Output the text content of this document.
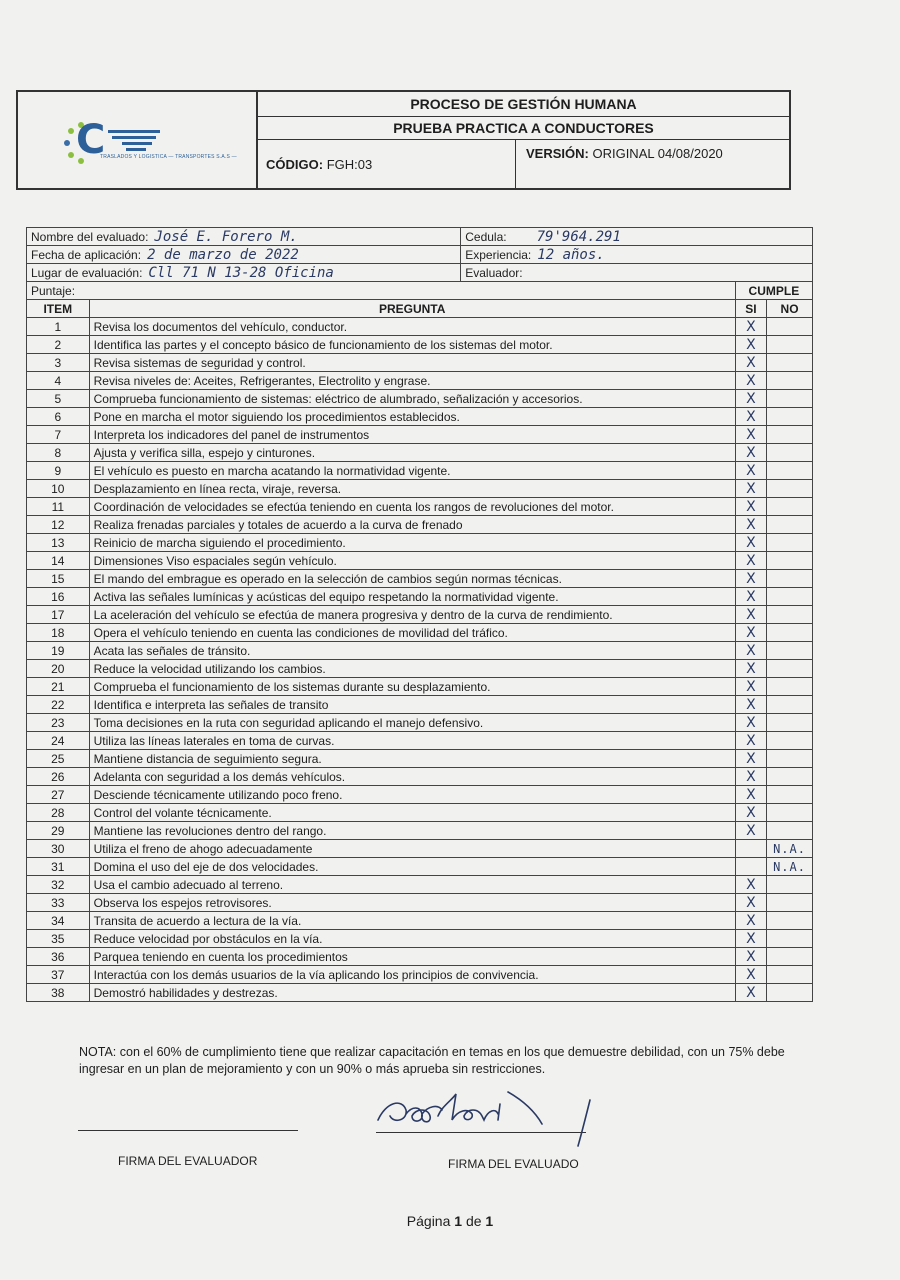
C
TRASLADOS Y LOGISTICA — TRANSPORTES S.A.S —
PROCESO DE GESTIÓN HUMANA
PRUEBA PRACTICA A CONDUCTORES
CÓDIGO:
FGH:03
VERSIÓN: ORIGINAL 04/08/2020
Nombre del evaluado: José E. Forero M.		Cedula: 79'964.291		
Fecha de aplicación: 2 de marzo de 2022		Experiencia: 12 años.		
Lugar de evaluación: Cll 71 N 13-28 Oficina		Evaluador:		
Puntaje:			CUMPLE	
ITEM	PREGUNTA		SI	NO
1	Revisa los documentos del vehículo, conductor.		X	
2	Identifica las partes y el concepto básico de funcionamiento de los sistemas del motor.		X	
3	Revisa sistemas de seguridad y control.		X	
4	Revisa niveles de: Aceites, Refrigerantes, Electrolito y engrase.		X	
5	Comprueba funcionamiento de sistemas: eléctrico de alumbrado, señalización y accesorios.		X	
6	Pone en marcha el motor siguiendo los procedimientos establecidos.		X	
7	Interpreta los indicadores del panel de instrumentos		X	
8	Ajusta y verifica silla, espejo y cinturones.		X	
9	El vehículo es puesto en marcha acatando la normatividad vigente.		X	
10	Desplazamiento en línea recta, viraje, reversa.		X	
11	Coordinación de velocidades se efectúa teniendo en cuenta los rangos de revoluciones del motor.		X	
12	Realiza frenadas parciales y totales de acuerdo a la curva de frenado		X	
13	Reinicio de marcha siguiendo el procedimiento.		X	
14	Dimensiones Viso espaciales según vehículo.		X	
15	El mando del embrague es operado en la selección de cambios según normas técnicas.		X	
16	Activa las señales lumínicas y acústicas del equipo respetando la normatividad vigente.		X	
17	La aceleración del vehículo se efectúa de manera progresiva y dentro de la curva de rendimiento.		X	
18	Opera el vehículo teniendo en cuenta las condiciones de movilidad del tráfico.		X	
19	Acata las señales de tránsito.		X	
20	Reduce la velocidad utilizando los cambios.		X	
21	Comprueba el funcionamiento de los sistemas durante su desplazamiento.		X	
22	Identifica e interpreta las señales de transito		X	
23	Toma decisiones en la ruta con seguridad aplicando el manejo defensivo.		X	
24	Utiliza las líneas laterales en toma de curvas.		X	
25	Mantiene distancia de seguimiento segura.		X	
26	Adelanta con seguridad a los demás vehículos.		X	
27	Desciende técnicamente utilizando poco freno.		X	
28	Control del volante técnicamente.		X	
29	Mantiene las revoluciones dentro del rango.		X	
30	Utiliza el freno de ahogo adecuadamente			N.A.
31	Domina el uso del eje de dos velocidades.			N.A.
32	Usa el cambio adecuado al terreno.		X	
33	Observa los espejos retrovisores.		X	
34	Transita de acuerdo a lectura de la vía.		X	
35	Reduce velocidad por obstáculos en la vía.		X	
36	Parquea teniendo en cuenta los procedimientos		X	
37	Interactúa con los demás usuarios de la vía aplicando los principios de convivencia.		X	
38	Demostró habilidades y destrezas.		X	
NOTA: con el 60% de cumplimiento tiene que realizar capacitación en temas en los que demuestre debilidad, con un 75% debe ingresar en un plan de mejoramiento y con un 90% o más aprueba sin restricciones.
FIRMA DEL EVALUADOR	FIRMA DEL EVALUADO
Página 1 de 1
